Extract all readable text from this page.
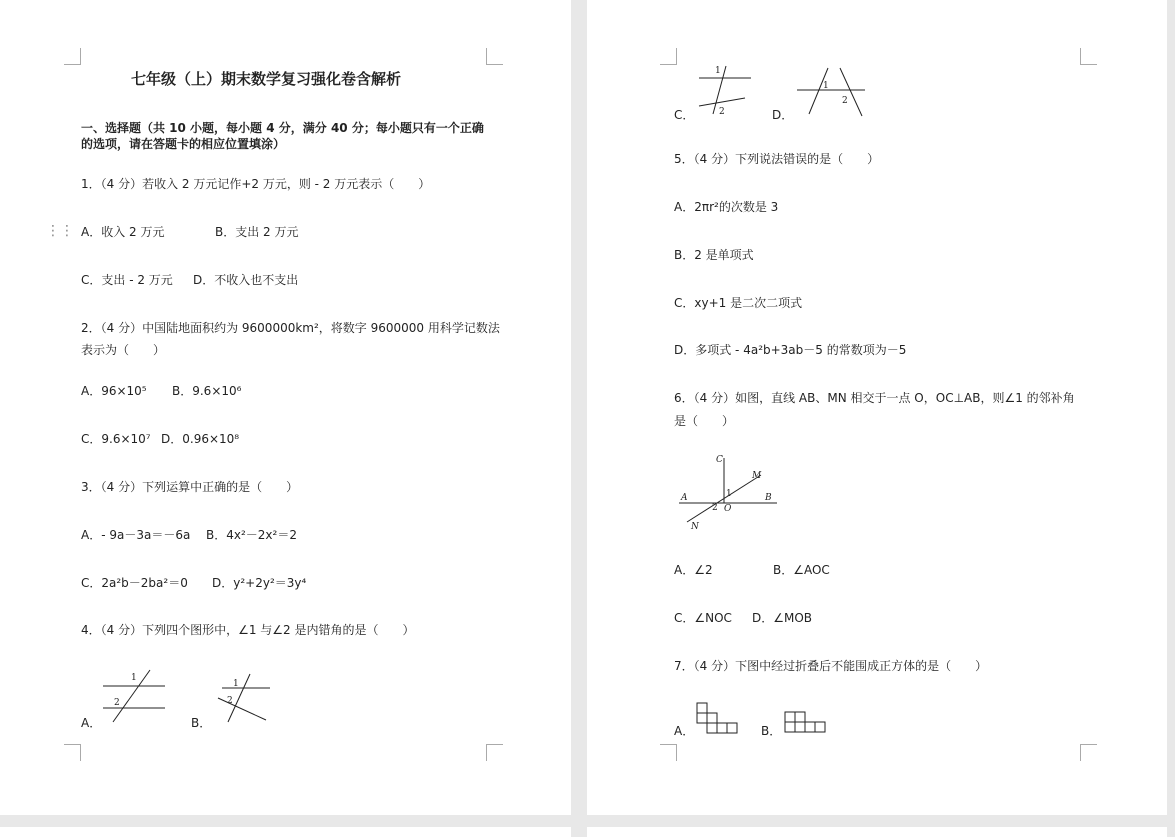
七年级（上）期末数学复习强化卷含解析
一、选择题（共 10 小题，每小题 4 分，满分 40 分；每小题只有一个正确
的选项，请在答题卡的相应位置填涂）
⋮⋮
1．（4 分）若收入 2 万元记作+2 万元，则 - 2 万元表示（　　）
A．收入 2 万元	B．支出 2 万元
C．支出 - 2 万元 D．不收入也不支出
2．（4 分）中国陆地面积约为 9600000km²，将数字 9600000 用科学记数法
表示为（　　）
A．96×10⁵ B．9.6×10⁶
C．9.6×10⁷ D．0.96×10⁸
3．（4 分）下列运算中正确的是（　　）
A．- 9a－3a＝－6a B．4x²－2x²＝2
C．2a²b－2ba²＝0 D．y²+2y²＝3y⁴
4．（4 分）下列四个图形中，∠1 与∠2 是内错角的是（　　）
A．	B．
1
2
1
2
C．	D．
1
2
1
2
5．（4 分）下列说法错误的是（　　）
A．2πr²的次数是 3
B．2 是单项式
C．xy+1 是二次二项式
D．多项式 - 4a²b+3ab－5 的常数项为－5
6．（4 分）如图，直线 AB、MN 相交于一点 O，OC⊥AB，则∠1 的邻补角
是（　　）
C
M
A	B
2
1
O
N
A．∠2	B．∠AOC
C．∠NOC D．∠MOB
7．（4 分）下图中经过折叠后不能围成正方体的是（　　）
A．	B．
